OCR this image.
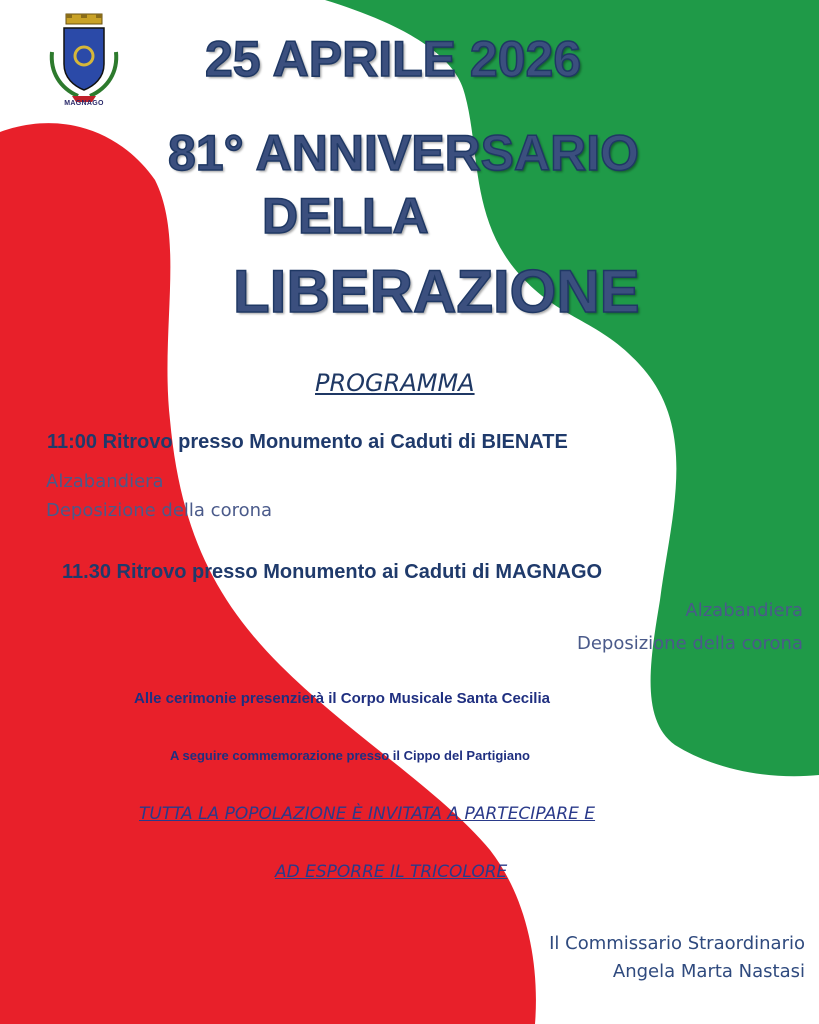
MAGNAGO
25 APRILE 2026
81° ANNIVERSARIO
DELLA
LIBERAZIONE
PROGRAMMA
11:00 Ritrovo presso Monumento ai Caduti di BIENATE
Alzabandiera
Deposizione della corona
11.30 Ritrovo presso Monumento ai Caduti di MAGNAGO
Alzabandiera
Deposizione della corona
Alle cerimonie presenzierà il Corpo Musicale Santa Cecilia
A seguire commemorazione presso il Cippo del Partigiano
TUTTA LA POPOLAZIONE È INVITATA A PARTECIPARE E
AD ESPORRE IL TRICOLORE
Il Commissario Straordinario
Angela Marta Nastasi
